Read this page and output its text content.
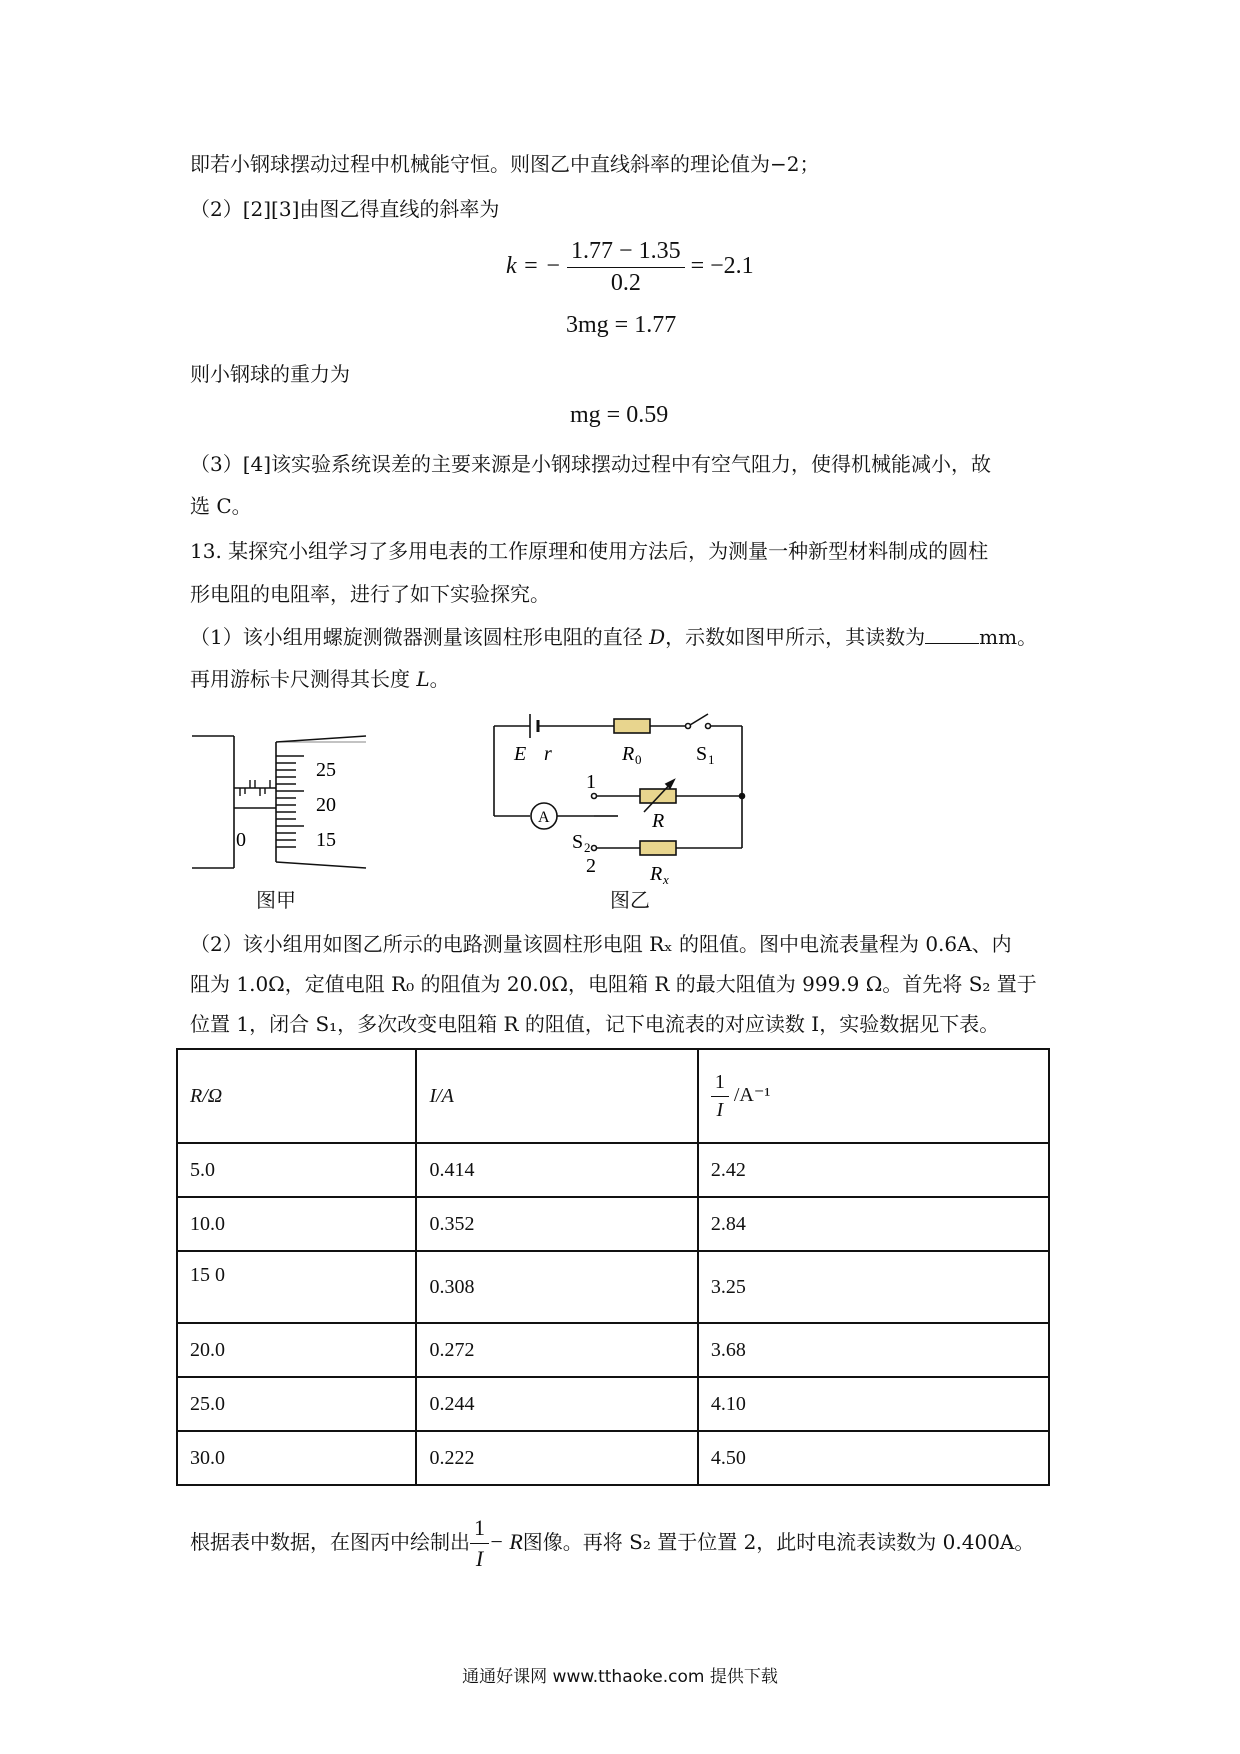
即若小钢球摆动过程中机械能守恒。则图乙中直线斜率的理论值为−2；
（2）[2][3]由图乙得直线的斜率为
k = − $\frac{1.77 - 1.35}{0.2} = -2.1$
3mg = 1.77
则小钢球的重力为
mg = 0.59
（3）[4]该实验系统误差的主要来源是小钢球摆动过程中有空气阻力，使得机械能减小，故
选 C。
13. 某探究小组学习了多用电表的工作原理和使用方法后，为测量一种新型材料制成的圆柱
形电阻的电阻率，进行了如下实验探究。
（1）该小组用螺旋测微器测量该圆柱形电阻的直径 D，示数如图甲所示，其读数为	mm。
再用游标卡尺测得其长度 L。
25
20
15
0
图甲
E r	R 0	S 1
1
R
A
S 2
2	R x
图乙
（2）该小组用如图乙所示的电路测量该圆柱形电阻 Rₓ 的阻值。图中电流表量程为 0.6A、内
阻为 1.0Ω，定值电阻 R₀ 的阻值为 20.0Ω，电阻箱 R 的最大阻值为 999.9 Ω。首先将 S₂ 置于
位置 1，闭合 S₁，多次改变电阻箱 R 的阻值，记下电流表的对应读数 I，实验数据见下表。
R/Ω	I/A	$\frac{1}{I} /A^{-1}$
5.0	0.414	2.42
10.0	0.352	2.84
15 0	0.308	3.25
20.0	0.272	3.68
25.0	0.244	4.10
30.0	0.222	4.50
根据表中数据，在图丙中绘制出 $\frac{1}{I} - R$图像。再将 S₂ 置于位置 2，此时电流表读数为 0.400A。
通通好课网 www.tthaoke.com 提供下载
